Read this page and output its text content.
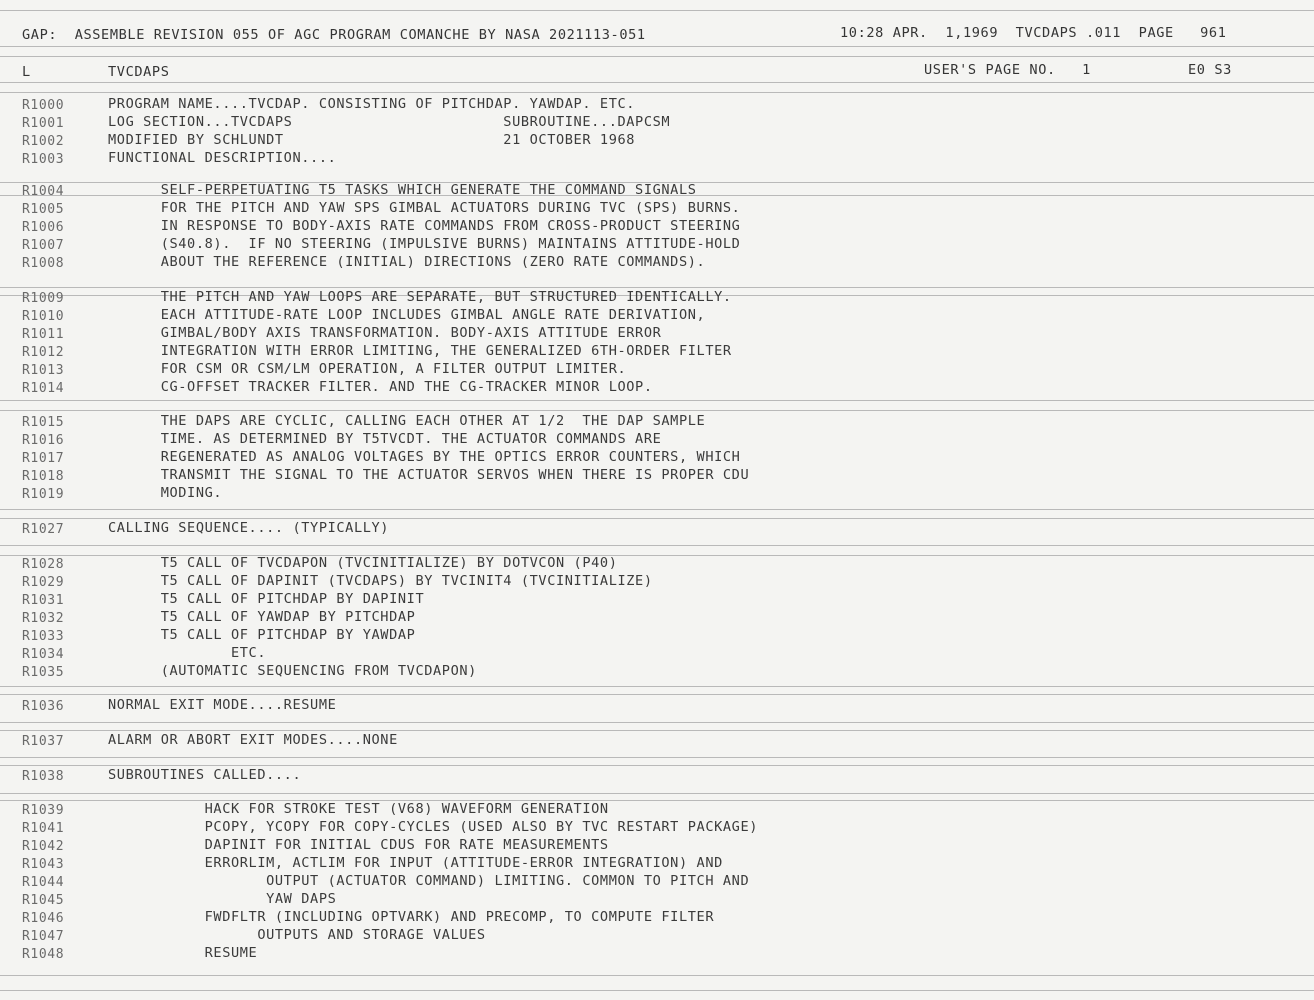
GAP:  ASSEMBLE REVISION 055 OF AGC PROGRAM COMANCHE BY NASA 2021113-051	10:28 APR.  1,1969  TVCDAPS .011  PAGE   961
L	TVCDAPS	USER'S PAGE NO.   1	E0 S3
R1000	PROGRAM NAME....TVCDAP. CONSISTING OF PITCHDAP. YAWDAP. ETC.
R1001	LOG SECTION...TVCDAPS                        SUBROUTINE...DAPCSM
R1002	MODIFIED BY SCHLUNDT                         21 OCTOBER 1968
R1003	FUNCTIONAL DESCRIPTION....
R1004	SELF-PERPETUATING T5 TASKS WHICH GENERATE THE COMMAND SIGNALS
R1005	FOR THE PITCH AND YAW SPS GIMBAL ACTUATORS DURING TVC (SPS) BURNS.
R1006	IN RESPONSE TO BODY-AXIS RATE COMMANDS FROM CROSS-PRODUCT STEERING
R1007	(S40.8).  IF NO STEERING (IMPULSIVE BURNS) MAINTAINS ATTITUDE-HOLD
R1008	ABOUT THE REFERENCE (INITIAL) DIRECTIONS (ZERO RATE COMMANDS).
R1009	THE PITCH AND YAW LOOPS ARE SEPARATE, BUT STRUCTURED IDENTICALLY.
R1010	EACH ATTITUDE-RATE LOOP INCLUDES GIMBAL ANGLE RATE DERIVATION,
R1011	GIMBAL/BODY AXIS TRANSFORMATION. BODY-AXIS ATTITUDE ERROR
R1012	INTEGRATION WITH ERROR LIMITING, THE GENERALIZED 6TH-ORDER FILTER
R1013	FOR CSM OR CSM/LM OPERATION, A FILTER OUTPUT LIMITER.
R1014	CG-OFFSET TRACKER FILTER. AND THE CG-TRACKER MINOR LOOP.
R1015	THE DAPS ARE CYCLIC, CALLING EACH OTHER AT 1/2  THE DAP SAMPLE
R1016	TIME. AS DETERMINED BY T5TVCDT. THE ACTUATOR COMMANDS ARE
R1017	REGENERATED AS ANALOG VOLTAGES BY THE OPTICS ERROR COUNTERS, WHICH
R1018	TRANSMIT THE SIGNAL TO THE ACTUATOR SERVOS WHEN THERE IS PROPER CDU
R1019	MODING.
R1027	CALLING SEQUENCE.... (TYPICALLY)
R1028	T5 CALL OF TVCDAPON (TVCINITIALIZE) BY DOTVCON (P40)
R1029	T5 CALL OF DAPINIT (TVCDAPS) BY TVCINIT4 (TVCINITIALIZE)
R1031	T5 CALL OF PITCHDAP BY DAPINIT
R1032	T5 CALL OF YAWDAP BY PITCHDAP
R1033	T5 CALL OF PITCHDAP BY YAWDAP
R1034	ETC.
R1035	(AUTOMATIC SEQUENCING FROM TVCDAPON)
R1036	NORMAL EXIT MODE....RESUME
R1037	ALARM OR ABORT EXIT MODES....NONE
R1038	SUBROUTINES CALLED....
R1039	HACK FOR STROKE TEST (V68) WAVEFORM GENERATION
R1041	PCOPY, YCOPY FOR COPY-CYCLES (USED ALSO BY TVC RESTART PACKAGE)
R1042	DAPINIT FOR INITIAL CDUS FOR RATE MEASUREMENTS
R1043	ERRORLIM, ACTLIM FOR INPUT (ATTITUDE-ERROR INTEGRATION) AND
R1044	OUTPUT (ACTUATOR COMMAND) LIMITING. COMMON TO PITCH AND
R1045	YAW DAPS
R1046	FWDFLTR (INCLUDING OPTVARK) AND PRECOMP, TO COMPUTE FILTER
R1047	OUTPUTS AND STORAGE VALUES
R1048	RESUME
